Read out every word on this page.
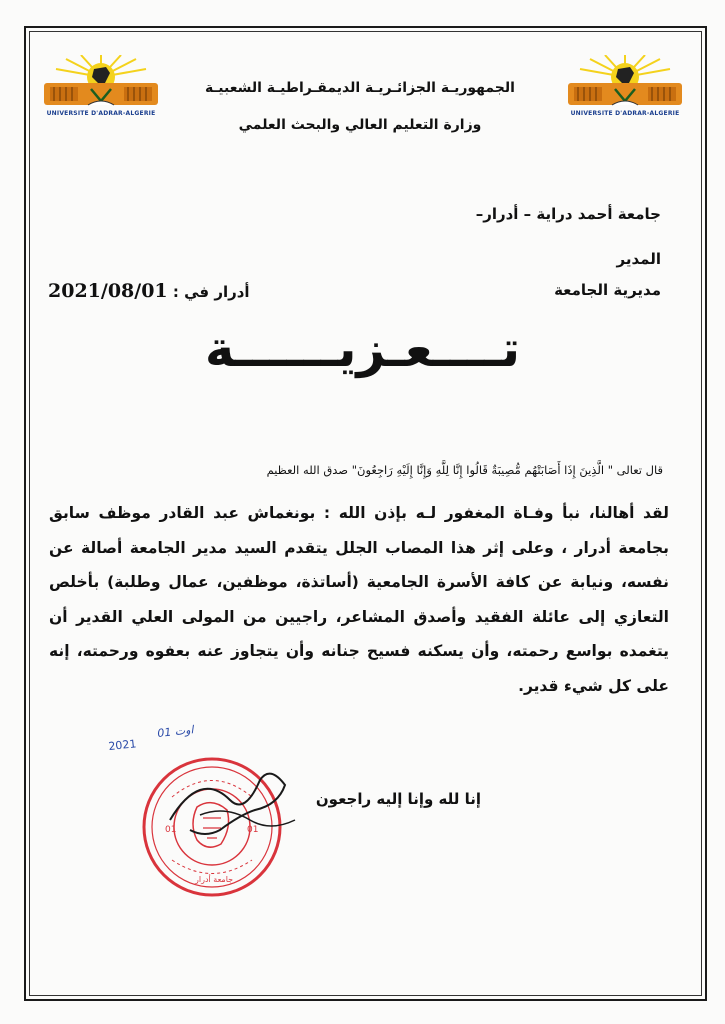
UNIVERSITE D'ADRAR-ALGERIE	UNIVERSITE D'ADRAR-ALGERIE
الجمهوريـة الجزائـريـة الديمقـراطيـة الشعبيـة
وزارة التعليم العالي والبحث العلمي
جامعة أحمد دراية – أدرار–
المدير
مديرية الجامعة
أدرار في : 2021/08/01
تــــعـزيــــــة
قال تعالى " الَّذِينَ إِذَا أَصَابَتْهُم مُّصِيبَةٌ قَالُوا إِنَّا لِلَّهِ وَإِنَّا إِلَيْهِ رَاجِعُونَ" صدق الله العظيم
لقد أهالنا، نبأ وفـاة المغفور لـه بإذن الله : بونغماش عبد القادر موظف سابق بجامعة أدرار ، وعلى إثر هذا المصاب الجلل يتقدم السيد مدير الجامعة أصالة عن نفسه، ونيابة عن كافة الأسرة الجامعية (أساتذة، موظفين، عمال وطلبة) بأخلص التعازي إلى عائلة الفقيد وأصدق المشاعر، راجيين من المولى العلي القدير أن يتغمده بواسع رحمته، وأن يسكنه فسيح جنانه وأن يتجاوز عنه بعفوه ورحمته، إنه على كل شيء قدير.
2021
01 اوت
01	01
جامعة أدرار
إنا لله وإنا إليه راجعون
